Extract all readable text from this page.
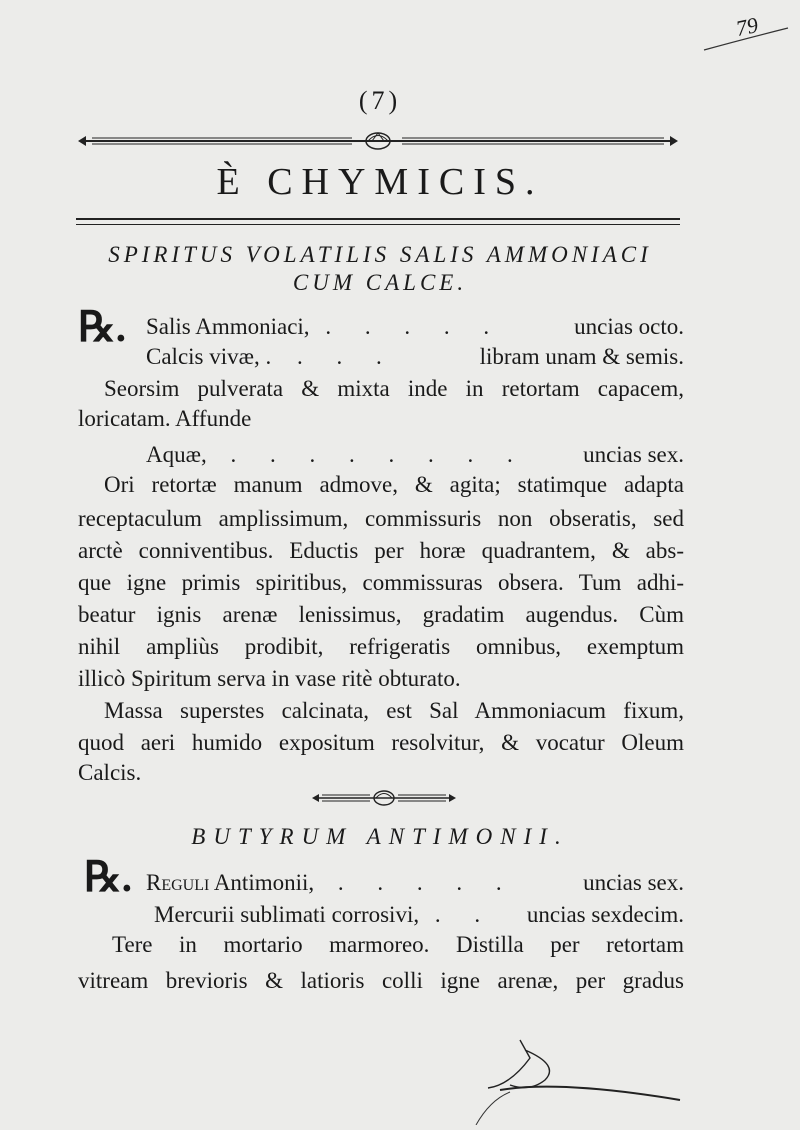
79
(7)
È CHYMICIS.
SPIRITUS VOLATILIS SALIS AMMONIACI
CUM CALCE.
℞. Salis Ammoniaci, . . . . .	uncias octo.
Calcis vivæ, . . . .	libram unam & semis.
Seorsim pulverata & mixta inde in retortam capacem,
loricatam. Affunde
Aquæ, . . . . . . . . uncias sex.
Ori retortæ manum admove, & agita; statimque adapta
receptaculum amplissimum, commissuris non obseratis, sed
arctè conniventibus. Eductis per horæ quadrantem, & abs-
que igne primis spiritibus, commissuras obsera. Tum adhi-
beatur ignis arenæ lenissimus, gradatim augendus. Cùm
nihil ampliùs prodibit, refrigeratis omnibus, exemptum
illicò Spiritum serva in vase ritè obturato.
Massa superstes calcinata, est Sal Ammoniacum fixum,
quod aeri humido expositum resolvitur, & vocatur Oleum
Calcis.
BUTYRUM ANTIMONII.
℞. Reguli Antimonii, . . . . .	uncias sex.
Mercurii sublimati corrosivi, . . uncias sexdecim.
Tere in mortario marmoreo. Distilla per retortam
vitream brevioris & latioris colli igne arenæ, per gradus
